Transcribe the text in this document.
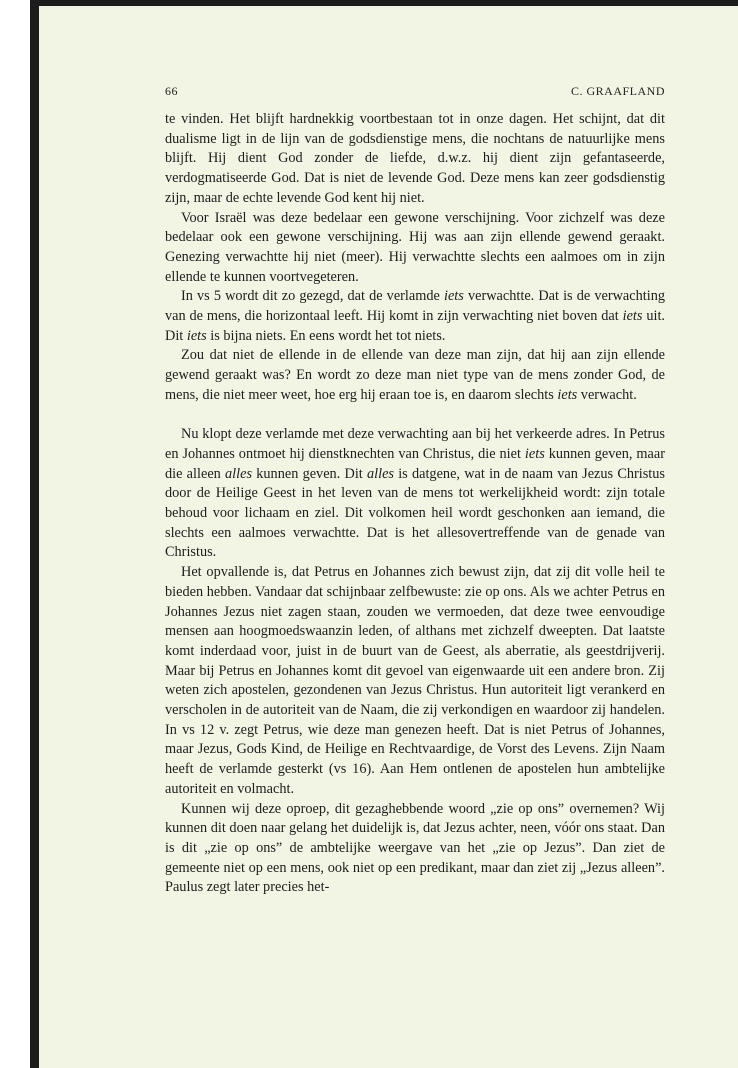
66	C. GRAAFLAND

te vinden. Het blijft hardnekkig voortbestaan tot in onze dagen. Het schijnt, dat dit dualisme ligt in de lijn van de godsdienstige mens, die nochtans de natuurlijke mens blijft. Hij dient God zonder de liefde, d.w.z. hij dient zijn gefantaseerde, verdogmatiseerde God. Dat is niet de levende God. Deze mens kan zeer godsdienstig zijn, maar de echte levende God kent hij niet.

Voor Israël was deze bedelaar een gewone verschijning. Voor zichzelf was deze bedelaar ook een gewone verschijning. Hij was aan zijn ellende gewend geraakt. Genezing verwachtte hij niet (meer). Hij verwachtte slechts een aalmoes om in zijn ellende te kunnen voortvegeteren.

In vs 5 wordt dit zo gezegd, dat de verlamde iets verwachtte. Dat is de verwachting van de mens, die horizontaal leeft. Hij komt in zijn verwachting niet boven dat iets uit. Dit iets is bijna niets. En eens wordt het tot niets.

Zou dat niet de ellende in de ellende van deze man zijn, dat hij aan zijn ellende gewend geraakt was? En wordt zo deze man niet type van de mens zonder God, de mens, die niet meer weet, hoe erg hij eraan toe is, en daarom slechts iets verwacht.

Nu klopt deze verlamde met deze verwachting aan bij het verkeerde adres. In Petrus en Johannes ontmoet hij dienstknechten van Christus, die niet iets kunnen geven, maar die alleen alles kunnen geven. Dit alles is datgene, wat in de naam van Jezus Christus door de Heilige Geest in het leven van de mens tot werkelijkheid wordt: zijn totale behoud voor lichaam en ziel. Dit volkomen heil wordt geschonken aan iemand, die slechts een aalmoes verwachtte. Dat is het allesovertreffende van de genade van Christus.

Het opvallende is, dat Petrus en Johannes zich bewust zijn, dat zij dit volle heil te bieden hebben. Vandaar dat schijnbaar zelfbewuste: zie op ons. Als we achter Petrus en Johannes Jezus niet zagen staan, zouden we vermoeden, dat deze twee eenvoudige mensen aan hoogmoedswaanzin leden, of althans met zichzelf dweepten. Dat laatste komt inderdaad voor, juist in de buurt van de Geest, als aberratie, als geestdrijverij. Maar bij Petrus en Johannes komt dit gevoel van eigenwaarde uit een andere bron. Zij weten zich apostelen, gezondenen van Jezus Christus. Hun autoriteit ligt verankerd en verscholen in de autoriteit van de Naam, die zij verkondigen en waardoor zij handelen. In vs 12 v. zegt Petrus, wie deze man genezen heeft. Dat is niet Petrus of Johannes, maar Jezus, Gods Kind, de Heilige en Rechtvaardige, de Vorst des Levens. Zijn Naam heeft de verlamde gesterkt (vs 16). Aan Hem ontlenen de apostelen hun ambtelijke autoriteit en volmacht.

Kunnen wij deze oproep, dit gezaghebbende woord „zie op ons” overnemen? Wij kunnen dit doen naar gelang het duidelijk is, dat Jezus achter, neen, vóór ons staat. Dan is dit „zie op ons” de ambtelijke weergave van het „zie op Jezus”. Dan ziet de gemeente niet op een mens, ook niet op een predikant, maar dan ziet zij „Jezus alleen”. Paulus zegt later precies het-
